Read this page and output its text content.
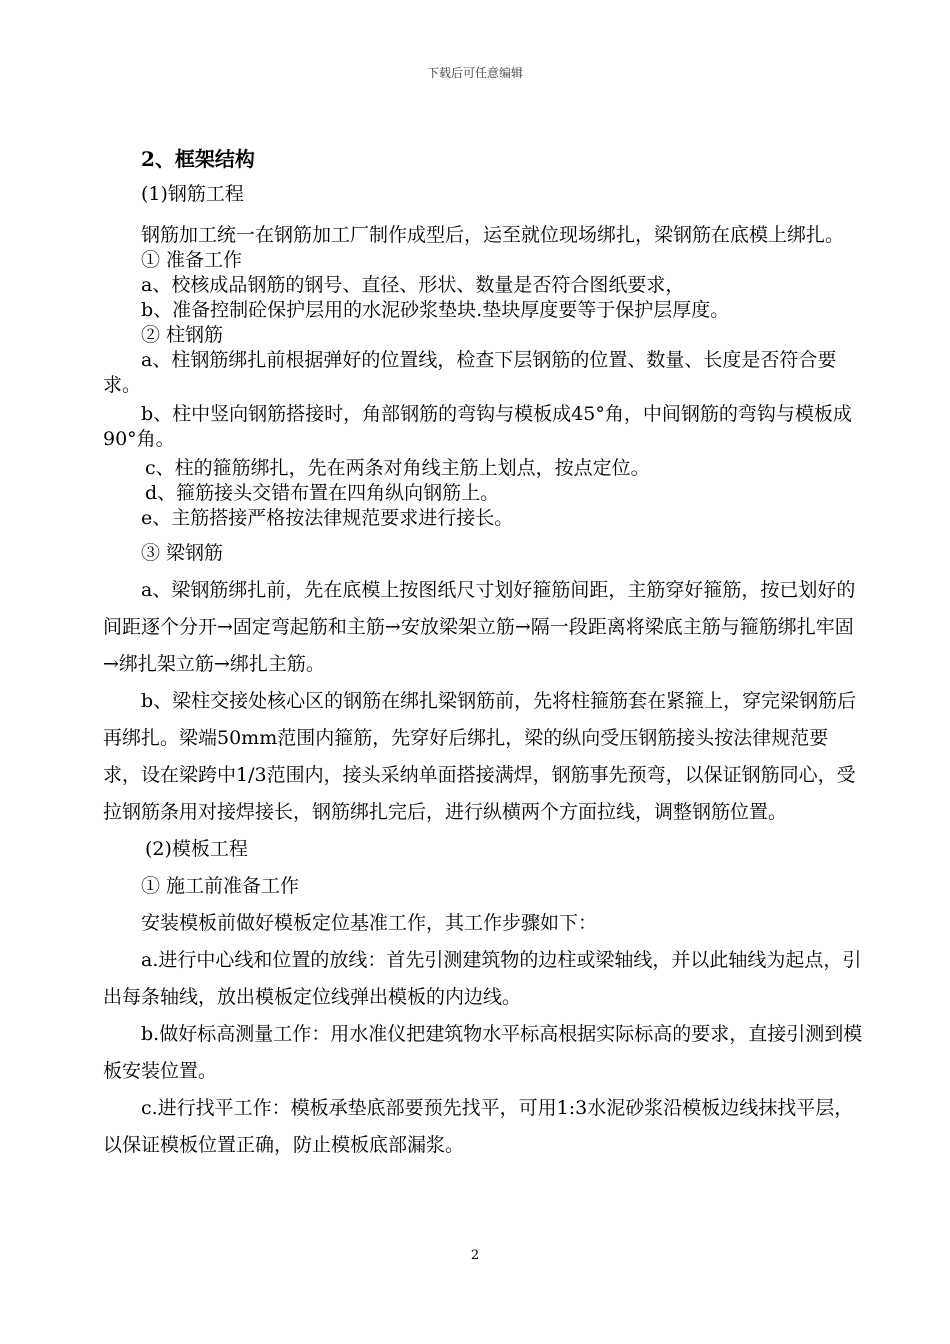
下载后可任意编辑

2、框架结构

(1)钢筋工程

钢筋加工统一在钢筋加工厂制作成型后，运至就位现场绑扎，梁钢筋在底模上绑扎。

① 准备工作

a、校核成品钢筋的钢号、直径、形状、数量是否符合图纸要求，

b、准备控制砼保护层用的水泥砂浆垫块.垫块厚度要等于保护层厚度。

② 柱钢筋

a、柱钢筋绑扎前根据弹好的位置线，检查下层钢筋的位置、数量、长度是否符合要求。

b、柱中竖向钢筋搭接时，角部钢筋的弯钩与模板成45°角，中间钢筋的弯钩与模板成90°角。

c、柱的箍筋绑扎，先在两条对角线主筋上划点，按点定位。

d、箍筋接头交错布置在四角纵向钢筋上。

e、主筋搭接严格按法律规范要求进行接长。

③ 梁钢筋

a、梁钢筋绑扎前，先在底模上按图纸尺寸划好箍筋间距，主筋穿好箍筋，按已划好的间距逐个分开→固定弯起筋和主筋→安放梁架立筋→隔一段距离将梁底主筋与箍筋绑扎牢固→绑扎架立筋→绑扎主筋。

b、梁柱交接处核心区的钢筋在绑扎梁钢筋前，先将柱箍筋套在紧箍上，穿完梁钢筋后再绑扎。梁端50mm范围内箍筋，先穿好后绑扎，梁的纵向受压钢筋接头按法律规范要求，设在梁跨中1/3范围内，接头采纳单面搭接满焊，钢筋事先预弯，以保证钢筋同心，受拉钢筋条用对接焊接长，钢筋绑扎完后，进行纵横两个方面拉线，调整钢筋位置。

(2)模板工程

① 施工前准备工作

安装模板前做好模板定位基准工作，其工作步骤如下：

a.进行中心线和位置的放线：首先引测建筑物的边柱或梁轴线，并以此轴线为起点，引出每条轴线，放出模板定位线弹出模板的内边线。

b.做好标高测量工作：用水准仪把建筑物水平标高根据实际标高的要求，直接引测到模板安装位置。

c.进行找平工作：模板承垫底部要预先找平，可用1:3水泥砂浆沿模板边线抹找平层，以保证模板位置正确，防止模板底部漏浆。

2
